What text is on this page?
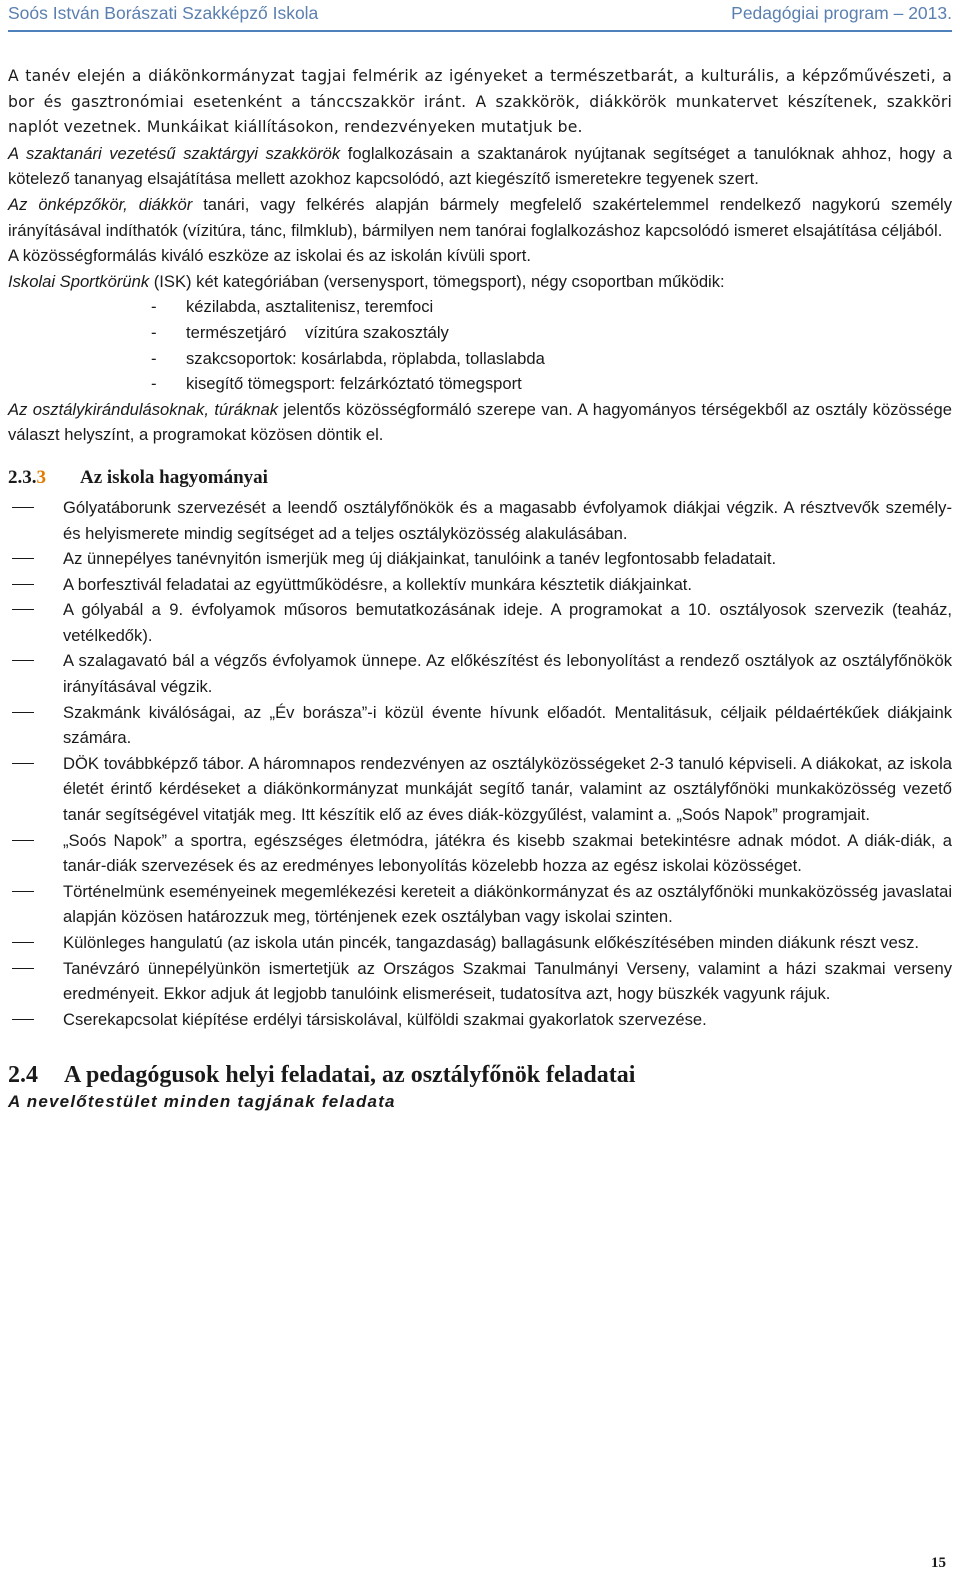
Soós István Borászati Szakképző Iskola	Pedagógiai program – 2013.

A tanév elején a diákönkormányzat tagjai felmérik az igényeket a természetbarát, a kulturális, a képzőművészeti, a bor és gasztronómiai esetenként a tánccszakkör iránt. A szakkörök, diákkörök munkatervet készítenek, szakköri naplót vezetnek. Munkáikat kiállításokon, rendezvényeken mutatjuk be.

A szaktanári vezetésű szaktárgyi szakkörök foglalkozásain a szaktanárok nyújtanak segítséget a tanulóknak ahhoz, hogy a kötelező tananyag elsajátítása mellett azokhoz kapcsolódó, azt kiegészítő ismeretekre tegyenek szert.

Az önképzőkör, diákkör tanári, vagy felkérés alapján bármely megfelelő szakértelemmel rendelkező nagykorú személy irányításával indíthatók (vízitúra, tánc, filmklub), bármilyen nem tanórai foglalkozáshoz kapcsolódó ismeret elsajátítása céljából.

A közösségformálás kiváló eszköze az iskolai és az iskolán kívüli sport.

Iskolai Sportkörünk (ISK) két kategóriában (versenysport, tömegsport), négy csoportban működik:

- kézilabda, asztalitenisz, teremfoci
- természetjáró    vízitúra szakosztály
- szakcsoportok: kosárlabda, röplabda, tollaslabda
- kisegítő tömegsport: felzárkóztató tömegsport

Az osztálykirándulásoknak, túráknak jelentős közösségformáló szerepe van. A hagyományos térségekből az osztály közössége választ helyszínt, a programokat közösen döntik el.

2.3.3 Az iskola hagyományai
Gólyatáborunk szervezését a leendő osztályfőnökök és a magasabb évfolyamok diákjai végzik. A résztvevők személy- és helyismerete mindig segítséget ad a teljes osztályközösség alakulásában.
Az ünnepélyes tanévnyitón ismerjük meg új diákjainkat, tanulóink a tanév legfontosabb feladatait.
A borfesztivál feladatai az együttműködésre, a kollektív munkára késztetik diákjainkat.
A gólyabál a 9. évfolyamok műsoros bemutatkozásának ideje. A programokat a 10. osztályosok szervezik (teaház, vetélkedők).
A szalagavató bál a végzős évfolyamok ünnepe. Az előkészítést és lebonyolítást a rendező osztályok az osztályfőnökök irányításával végzik.
Szakmánk kiválóságai, az „Év borásza”-i közül évente hívunk előadót. Mentalitásuk, céljaik példaértékűek diákjaink számára.
DÖK továbbképző tábor. A háromnapos rendezvényen az osztályközösségeket 2-3 tanuló képviseli. A diákokat, az iskola életét érintő kérdéseket a diákönkormányzat munkáját segítő tanár, valamint az osztályfőnöki munkaközösség vezető tanár segítségével vitatják meg. Itt készítik elő az éves diák-közgyűlést, valamint a. „Soós Napok” programjait.
„Soós Napok” a sportra, egészséges életmódra, játékra és kisebb szakmai betekintésre adnak módot. A diák-diák, a tanár-diák szervezések és az eredményes lebonyolítás közelebb hozza az egész iskolai közösséget.
Történelmünk eseményeinek megemlékezési kereteit a diákönkormányzat és az osztályfőnöki munkaközösség javaslatai alapján közösen határozzuk meg, történjenek ezek osztályban vagy iskolai szinten.
Különleges hangulatú (az iskola után pincék, tangazdaság) ballagásunk előkészítésében minden diákunk részt vesz.
Tanévzáró ünnepélyünkön ismertetjük az Országos Szakmai Tanulmányi Verseny, valamint a házi szakmai verseny eredményeit. Ekkor adjuk át legjobb tanulóink elismeréseit, tudatosítva azt, hogy büszkék vagyunk rájuk.
Cserekapcsolat kiépítése erdélyi társiskolával, külföldi szakmai gyakorlatok szervezése.
2.4 A pedagógusok helyi feladatai, az osztályfőnök feladatai

A nevelőtestület minden tagjának feladata

15
